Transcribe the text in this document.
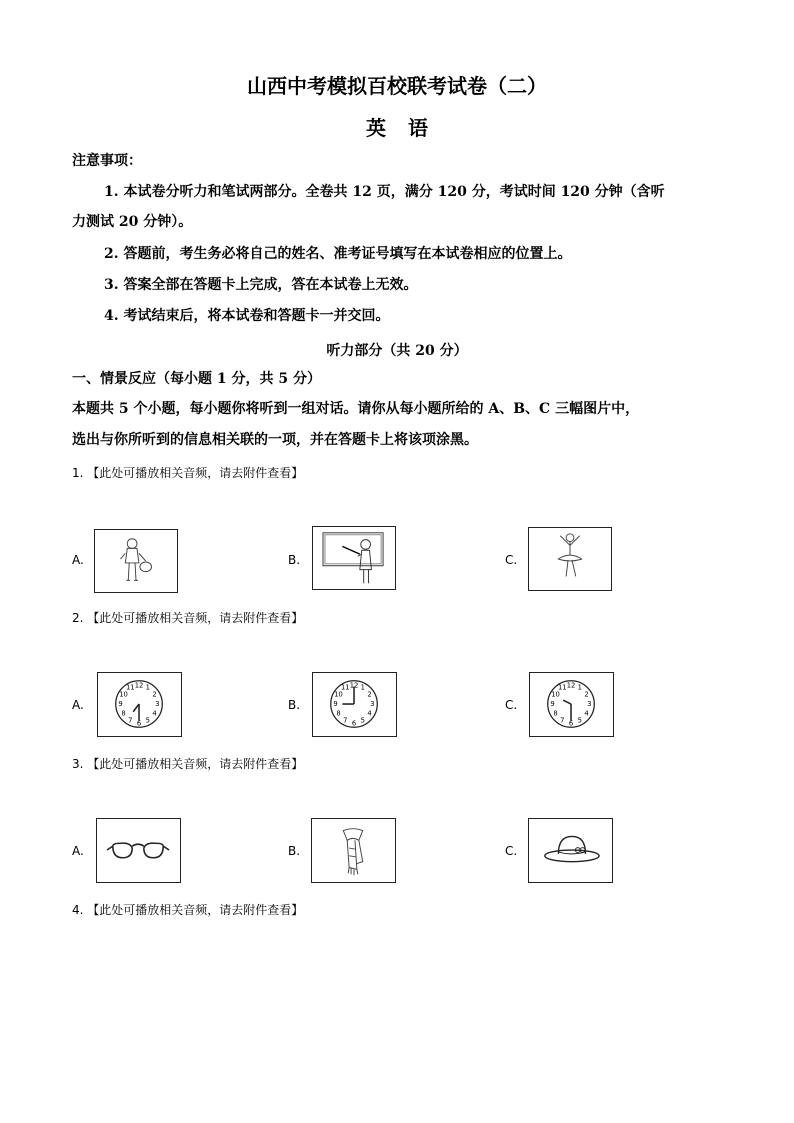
山西中考模拟百校联考试卷（二）
英语
注意事项：
1. 本试卷分听力和笔试两部分。全卷共 12 页，满分 120 分，考试时间 120 分钟（含听
力测试 20 分钟）。
2. 答题前，考生务必将自己的姓名、准考证号填写在本试卷相应的位置上。
3. 答案全部在答题卡上完成，答在本试卷上无效。
4. 考试结束后，将本试卷和答题卡一并交回。
听力部分（共 20 分）
一、情景反应（每小题 1 分，共 5 分）
本题共 5 个小题，每小题你将听到一组对话。请你从每小题所给的 A、B、C 三幅图片中，
选出与你所听到的信息相关联的一项，并在答题卡上将该项涂黑。
1. 【此处可播放相关音频，请去附件查看】
A.	B.	C.
2. 【此处可播放相关音频，请去附件查看】
A.
12 1
2
3
4
5
6
7
8
9
10
11
B.
12 1
2
3
4
5
6
7
8
9
10
11
C.
12 1
2
3
4
5
6
7
8
9
10
11
3. 【此处可播放相关音频，请去附件查看】
A.	B.	C.
4. 【此处可播放相关音频，请去附件查看】
